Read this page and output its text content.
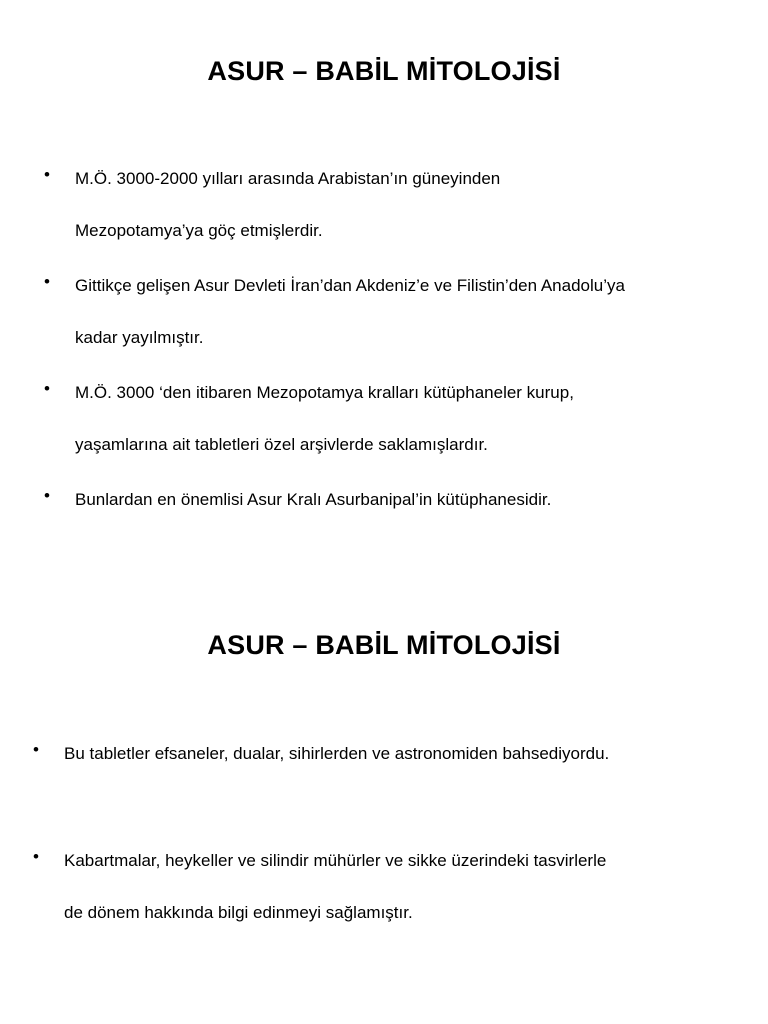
ASUR – BABİL MİTOLOJİSİ
• M.Ö. 3000-2000 yılları arasında Arabistan’ın güneyinden
Mezopotamya’ya göç etmişlerdir.
• Gittikçe gelişen Asur Devleti İran’dan Akdeniz’e ve Filistin’den Anadolu’ya
kadar yayılmıştır.
• M.Ö. 3000 ‘den itibaren Mezopotamya kralları kütüphaneler kurup,
yaşamlarına ait tabletleri özel arşivlerde saklamışlardır.
• Bunlardan en önemlisi Asur Kralı Asurbanipal’in kütüphanesidir.
ASUR – BABİL MİTOLOJİSİ
• Bu tabletler efsaneler, dualar, sihirlerden ve astronomiden bahsediyordu.
• Kabartmalar, heykeller ve silindir mühürler ve sikke üzerindeki tasvirlerle
de dönem hakkında bilgi edinmeyi sağlamıştır.
